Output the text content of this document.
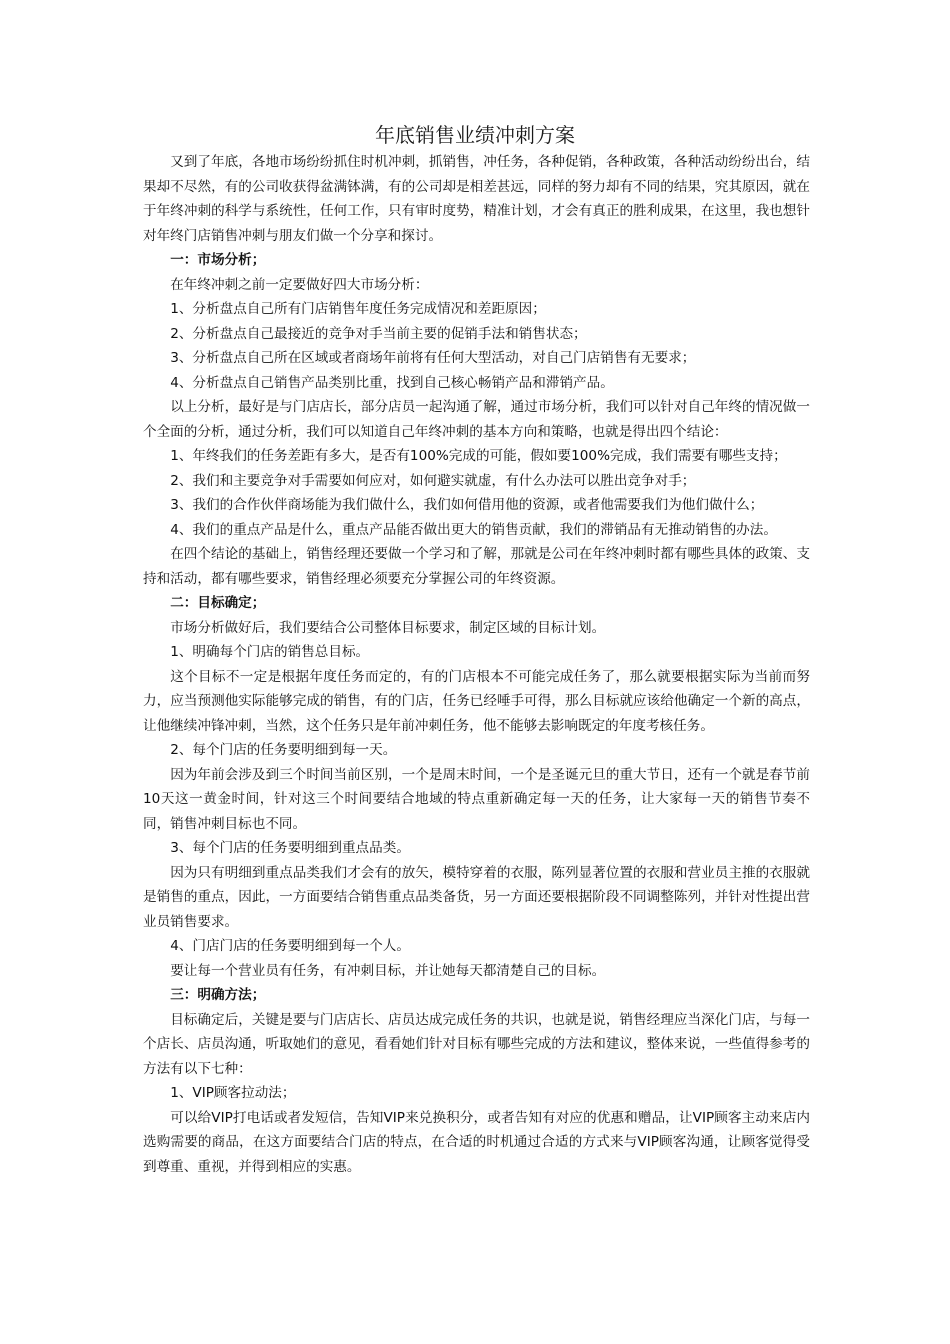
年底销售业绩冲刺方案

又到了年底，各地市场纷纷抓住时机冲刺，抓销售，冲任务，各种促销，各种政策，各种活动纷纷出台，结果却不尽然，有的公司收获得盆满钵满，有的公司却是相差甚远，同样的努力却有不同的结果，究其原因，就在于年终冲刺的科学与系统性，任何工作，只有审时度势，精准计划，才会有真正的胜利成果，在这里，我也想针对年终门店销售冲刺与朋友们做一个分享和探讨。

一：市场分析；

在年终冲刺之前一定要做好四大市场分析：

1、分析盘点自己所有门店销售年度任务完成情况和差距原因；

2、分析盘点自己最接近的竞争对手当前主要的促销手法和销售状态；

3、分析盘点自己所在区域或者商场年前将有任何大型活动，对自己门店销售有无要求；

4、分析盘点自己销售产品类别比重，找到自己核心畅销产品和滞销产品。

以上分析，最好是与门店店长，部分店员一起沟通了解，通过市场分析，我们可以针对自己年终的情况做一个全面的分析，通过分析，我们可以知道自己年终冲刺的基本方向和策略，也就是得出四个结论：

1、年终我们的任务差距有多大，是否有100%完成的可能，假如要100%完成，我们需要有哪些支持；

2、我们和主要竞争对手需要如何应对，如何避实就虚，有什么办法可以胜出竞争对手；

3、我们的合作伙伴商场能为我们做什么，我们如何借用他的资源，或者他需要我们为他们做什么；

4、我们的重点产品是什么，重点产品能否做出更大的销售贡献，我们的滞销品有无推动销售的办法。

在四个结论的基础上，销售经理还要做一个学习和了解，那就是公司在年终冲刺时都有哪些具体的政策、支持和活动，都有哪些要求，销售经理必须要充分掌握公司的年终资源。

二：目标确定；

市场分析做好后，我们要结合公司整体目标要求，制定区域的目标计划。

1、明确每个门店的销售总目标。

这个目标不一定是根据年度任务而定的，有的门店根本不可能完成任务了，那么就要根据实际为当前而努力，应当预测他实际能够完成的销售，有的门店，任务已经唾手可得，那么目标就应该给他确定一个新的高点，让他继续冲锋冲刺，当然，这个任务只是年前冲刺任务，他不能够去影响既定的年度考核任务。

2、每个门店的任务要明细到每一天。

因为年前会涉及到三个时间当前区别，一个是周末时间，一个是圣诞元旦的重大节日，还有一个就是春节前10天这一黄金时间，针对这三个时间要结合地域的特点重新确定每一天的任务，让大家每一天的销售节奏不同，销售冲刺目标也不同。

3、每个门店的任务要明细到重点品类。

因为只有明细到重点品类我们才会有的放矢，模特穿着的衣服，陈列显著位置的衣服和营业员主推的衣服就是销售的重点，因此，一方面要结合销售重点品类备货，另一方面还要根据阶段不同调整陈列，并针对性提出营业员销售要求。

4、门店门店的任务要明细到每一个人。

要让每一个营业员有任务，有冲刺目标，并让她每天都清楚自己的目标。

三：明确方法；

目标确定后，关键是要与门店店长、店员达成完成任务的共识，也就是说，销售经理应当深化门店，与每一个店长、店员沟通，听取她们的意见，看看她们针对目标有哪些完成的方法和建议，整体来说，一些值得参考的方法有以下七种：

1、VIP顾客拉动法；

可以给VIP打电话或者发短信，告知VIP来兑换积分，或者告知有对应的优惠和赠品，让VIP顾客主动来店内选购需要的商品，在这方面要结合门店的特点，在合适的时机通过合适的方式来与VIP顾客沟通，让顾客觉得受到尊重、重视，并得到相应的实惠。
